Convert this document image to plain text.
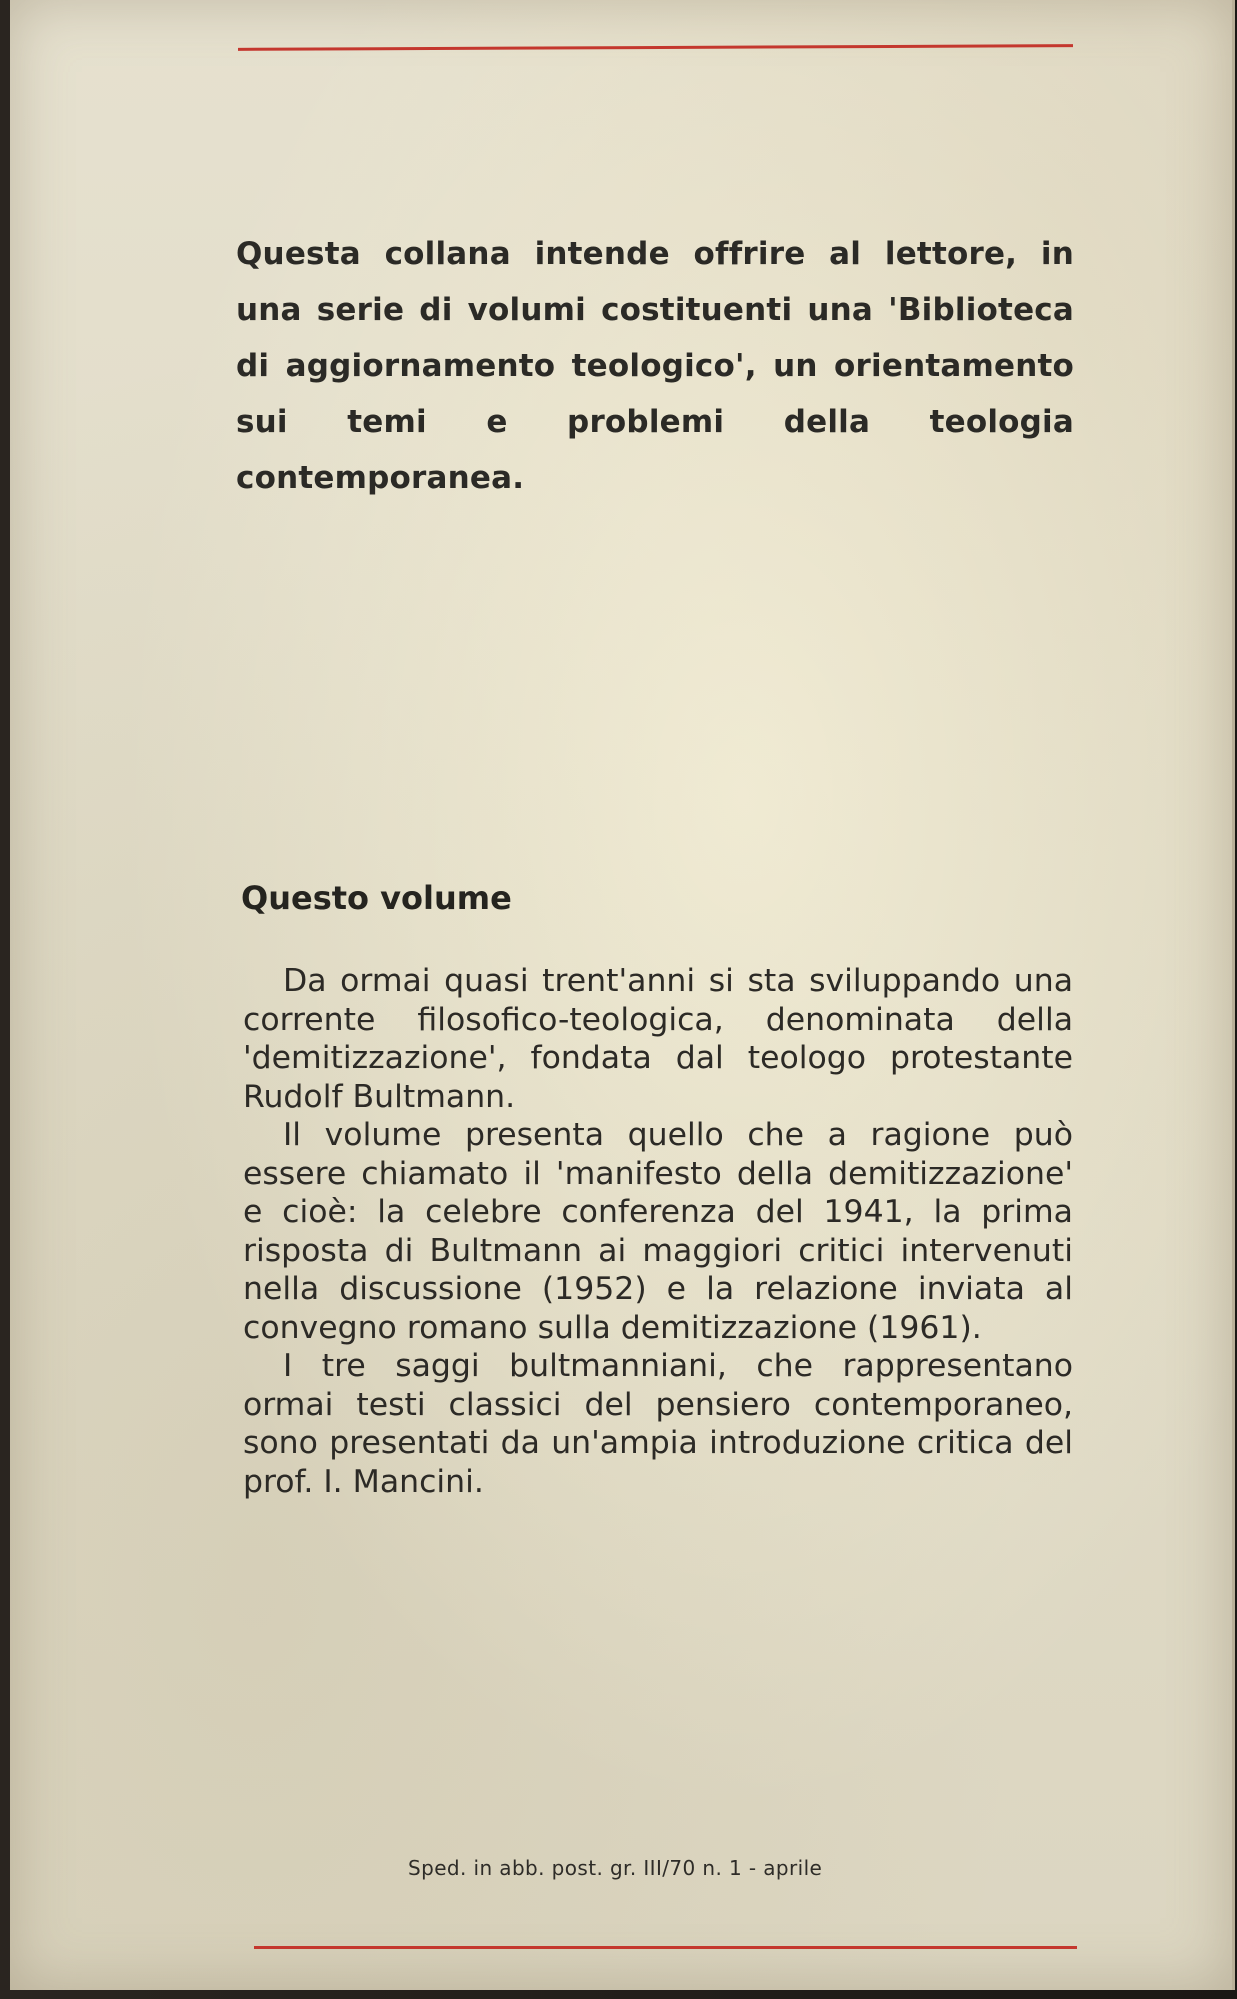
Questa collana intende offrire al lettore, in una serie di volumi costituenti una 'Biblioteca di aggiornamento teologico', un orientamento sui temi e problemi della teologia contemporanea.
Questo volume

Da ormai quasi trent'anni si sta sviluppando una corrente filosofico-teologica, denominata della 'demitizzazione', fondata dal teologo protestante Rudolf Bultmann.

Il volume presenta quello che a ragione può essere chiamato il 'manifesto della demitizzazione' e cioè: la celebre conferenza del 1941, la prima risposta di Bultmann ai maggiori critici intervenuti nella discussione (1952) e la relazione inviata al convegno romano sulla demitizzazione (1961).

I tre saggi bultmanniani, che rappresentano ormai testi classici del pensiero contemporaneo, sono presentati da un'ampia introduzione critica del prof. I. Mancini.

Sped. in abb. post. gr. III/70 n. 1 - aprile
